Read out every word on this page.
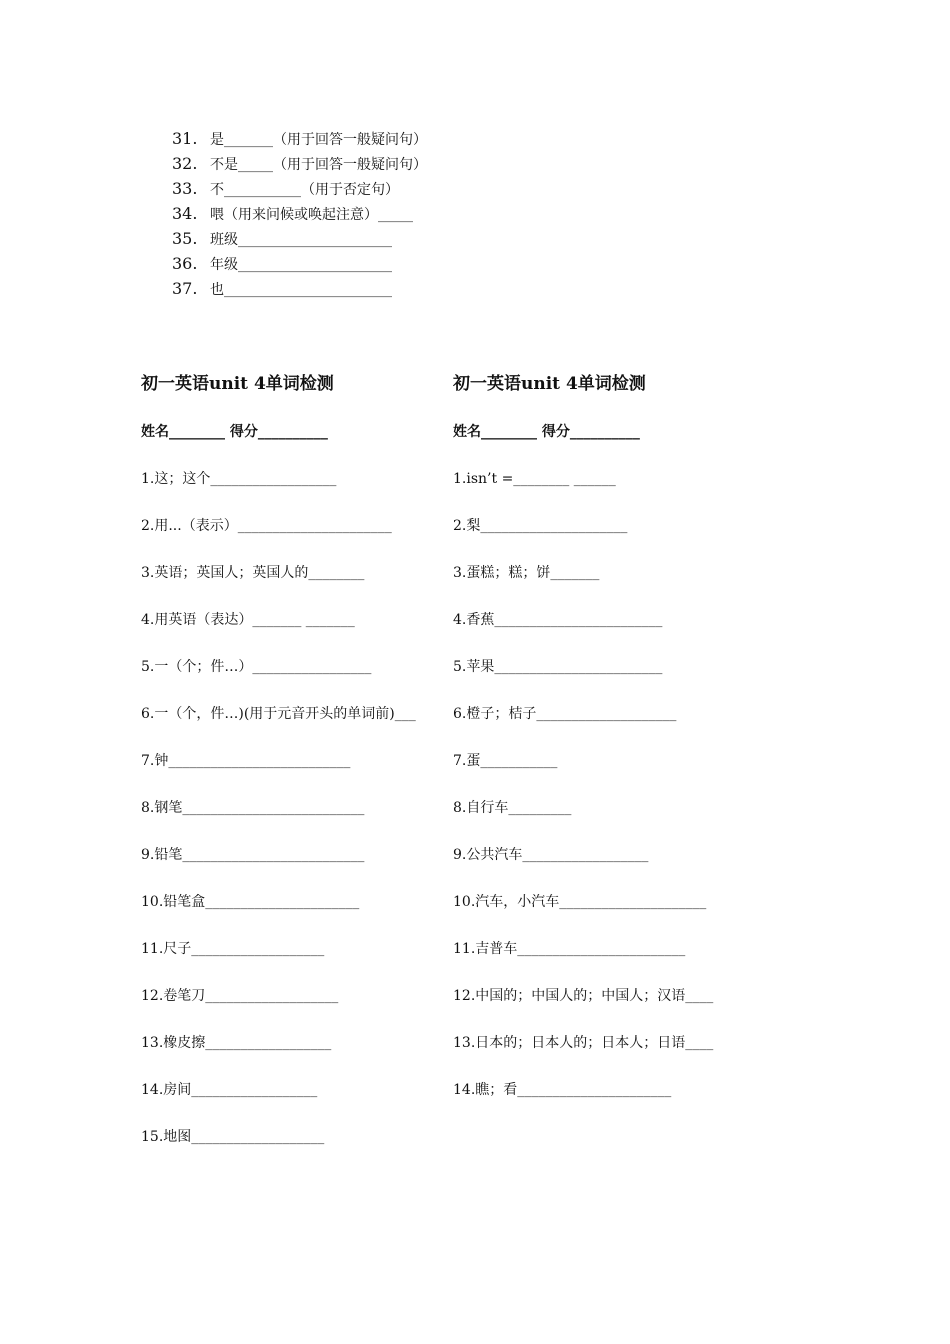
31. 是_______（用于回答一般疑问句）
32. 不是_____（用于回答一般疑问句）
33. 不___________（用于否定句）
34. 喂（用来问候或唤起注意）_____
35. 班级______________________
36. 年级______________________
37. 也________________________
初一英语unit 4单词检测
姓名________ 得分__________
1.这；这个__________________
2.用...（表示）______________________
3.英语；英国人；英国人的________
4.用英语（表达）_______ _______
5.一（个；件…）_________________
6.一（个，件…)(用于元音开头的单词前)___
7.钟__________________________
8.钢笔__________________________
9.铅笔__________________________
10.铅笔盒______________________
11.尺子___________________
12.卷笔刀___________________
13.橡皮擦__________________
14.房间__________________
15.地图___________________
初一英语unit 4单词检测
姓名________ 得分__________
1.isn’t =________ ______
2.梨_____________________
3.蛋糕；糕；饼_______
4.香蕉________________________
5.苹果________________________
6.橙子；桔子____________________
7.蛋___________
8.自行车_________
9.公共汽车__________________
10.汽车，小汽车_____________________
11.吉普车________________________
12.中国的；中国人的；中国人；汉语____
13.日本的；日本人的；日本人；日语____
14.瞧；看______________________
